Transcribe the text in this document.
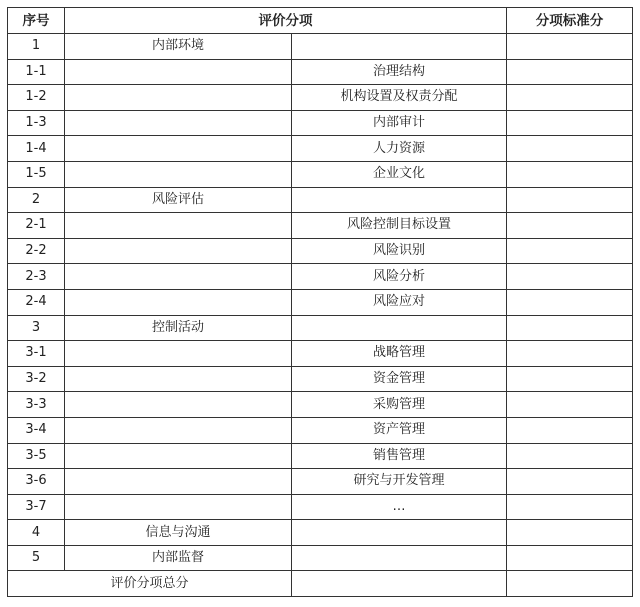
序号	评价分项		分项标准分
1	内部环境		
1-1		治理结构	
1-2		机构设置及权责分配	
1-3		内部审计	
1-4		人力资源	
1-5		企业文化	
2	风险评估		
2-1		风险控制目标设置	
2-2		风险识别	
2-3		风险分析	
2-4		风险应对	
3	控制活动		
3-1		战略管理	
3-2		资金管理	
3-3		采购管理	
3-4		资产管理	
3-5		销售管理	
3-6		研究与开发管理	
3-7		…	
4	信息与沟通		
5	内部监督		
评价分项总分			
